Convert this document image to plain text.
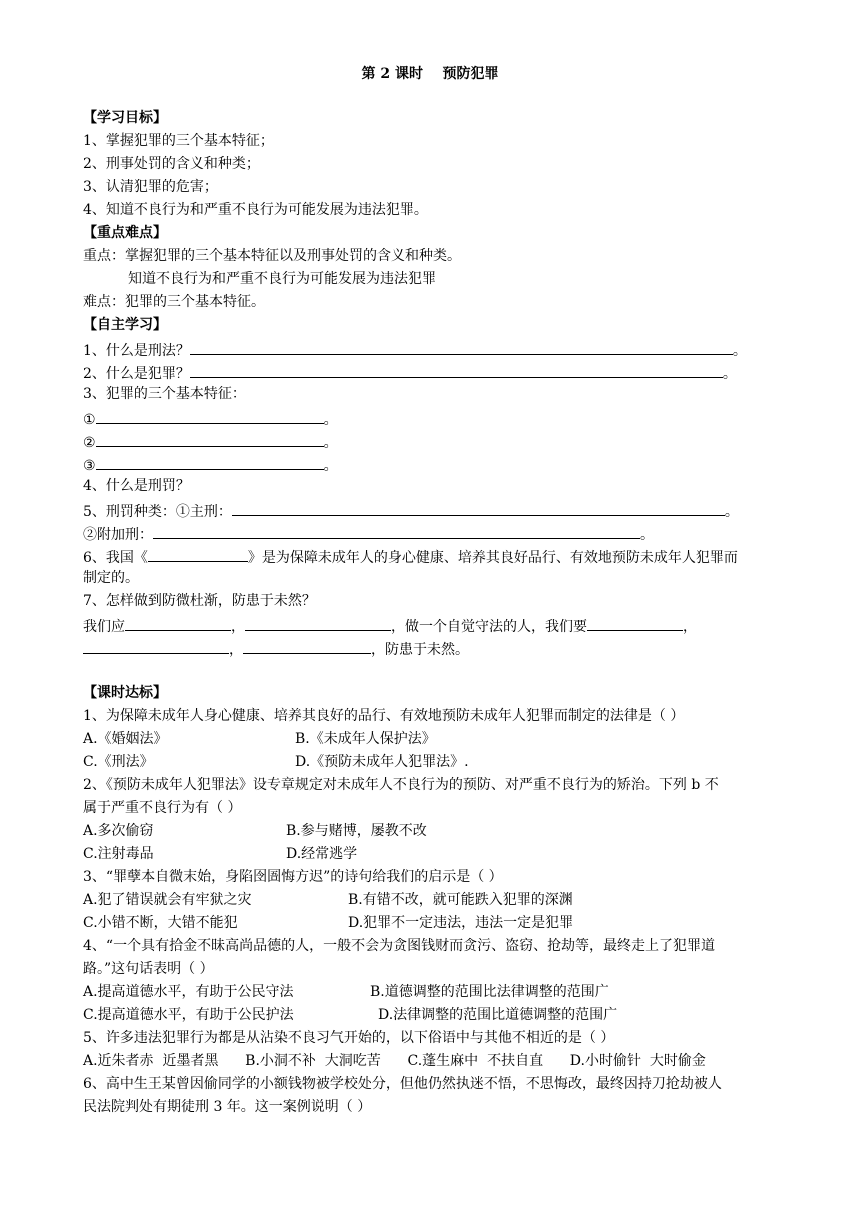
第 2 课时    预防犯罪
【学习目标】
1、掌握犯罪的三个基本特征；
2、刑事处罚的含义和种类；
3、认清犯罪的危害；
4、知道不良行为和严重不良行为可能发展为违法犯罪。
【重点难点】
重点：掌握犯罪的三个基本特征以及刑事处罚的含义和种类。
知道不良行为和严重不良行为可能发展为违法犯罪
难点：犯罪的三个基本特征。
【自主学习】
1、什么是刑法？	。
2、什么是犯罪？	。
3、犯罪的三个基本特征：
①	。
②	。
③	。
4、什么是刑罚？
5、刑罚种类：①主刑：	。
②附加刑：	。
6、我国《	》是为保障未成年人的身心健康、培养其良好品行、有效地预防未成年人犯罪而
制定的。
7、怎样做到防微杜渐，防患于未然？
我们应	，	，做一个自觉守法的人，我们要	，
，	，防患于未然。
【课时达标】
1、为保障未成年人身心健康、培养其良好的品行、有效地预防未成年人犯罪而制定的法律是（ ）
A.《婚姻法》	B.《未成年人保护法》
C.《刑法》	D.《预防未成年人犯罪法》.
2、《预防未成年人犯罪法》设专章规定对未成年人不良行为的预防、对严重不良行为的矫治。下列 b 不
属于严重不良行为有（ ）
A.多次偷窃	B.参与赌博，屡教不改
C.注射毒品	D.经常逃学
3、“罪孽本自微末始，身陷囹圄悔方迟”的诗句给我们的启示是（ ）
A.犯了错误就会有牢狱之灾	B.有错不改，就可能跌入犯罪的深渊
C.小错不断，大错不能犯	D.犯罪不一定违法，违法一定是犯罪
4、“一个具有拾金不昧高尚品德的人，一般不会为贪图钱财而贪污、盗窃、抢劫等，最终走上了犯罪道
路。”这句话表明（ ）
A.提高道德水平，有助于公民守法	B.道德调整的范围比法律调整的范围广
C.提高道德水平，有助于公民护法	D.法律调整的范围比道德调整的范围广
5、许多违法犯罪行为都是从沾染不良习气开始的，以下俗语中与其他不相近的是（ ）
A.近朱者赤  近墨者黑      B.小洞不补  大洞吃苦      C.蓬生麻中  不扶自直      D.小时偷针  大时偷金
6、高中生王某曾因偷同学的小额钱物被学校处分，但他仍然执迷不悟，不思悔改，最终因持刀抢劫被人
民法院判处有期徒刑 3 年。这一案例说明（ ）
